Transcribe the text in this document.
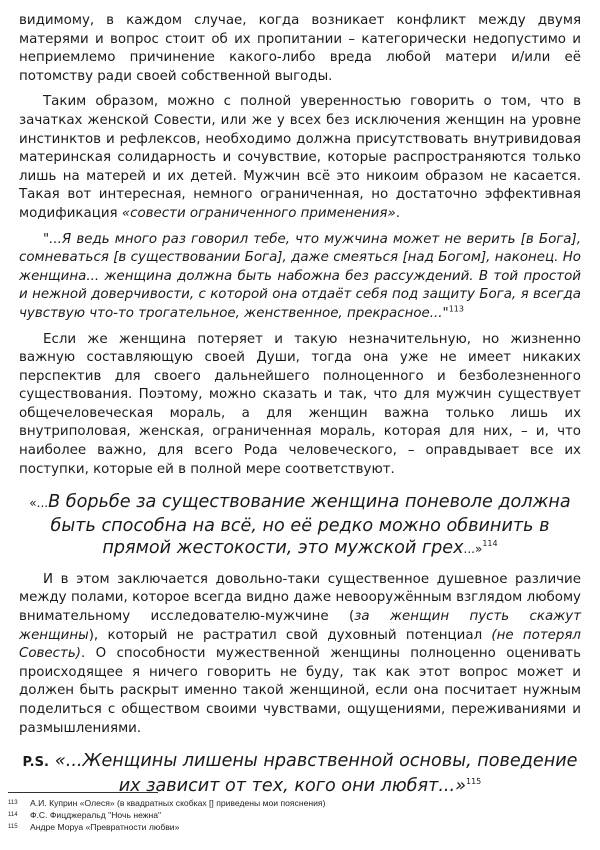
видимому, в каждом случае, когда возникает конфликт между двумя матерями и вопрос стоит об их пропитании – категорически недопустимо и неприемлемо причинение какого-либо вреда любой матери и/или её потомству ради своей собственной выгоды.

Таким образом, можно с полной уверенностью говорить о том, что в зачатках женской Совести, или же у всех без исключения женщин на уровне инстинктов и рефлексов, необходимо должна присутствовать внутривидовая материнская солидарность и сочувствие, которые распространяются только лишь на матерей и их детей. Мужчин всё это никоим образом не касается. Такая вот интересная, немного ограниченная, но достаточно эффективная модификация «совести ограниченного применения».

"...Я ведь много раз говорил тебе, что мужчина может не верить [в Бога], сомневаться [в существовании Бога], даже смеяться [над Богом], наконец. Но женщина... женщина должна быть набожна без рассуждений. В той простой и нежной доверчивости, с которой она отдаёт себя под защиту Бога, я всегда чувствую что-то трогательное, женственное, прекрасное..."$^{113}$

Если же женщина потеряет и такую незначительную, но жизненно важную составляющую своей Души, тогда она уже не имеет никаких перспектив для своего дальнейшего полноценного и безболезненного существования. Поэтому, можно сказать и так, что для мужчин существует общечеловеческая мораль, а для женщин важна только лишь их внутриполовая, женская, ограниченная мораль, которая для них, – и, что наиболее важно, для всего Рода человеческого, – оправдывает все их поступки, которые ей в полной мере соответствуют.

«...В борьбе за существование женщина поневоле должна быть способна на всё, но её редко можно обвинить в прямой жестокости, это мужской грех...»$^{114}$

И в этом заключается довольно-таки существенное душевное различие между полами, которое всегда видно даже невооружённым взглядом любому внимательному исследователю-мужчине (за женщин пусть скажут женщины), который не растратил свой духовный потенциал (не потерял Совесть). О способности мужественной женщины полноценно оценивать происходящее я ничего говорить не буду, так как этот вопрос может и должен быть раскрыт именно такой женщиной, если она посчитает нужным поделиться с обществом своими чувствами, ощущениями, переживаниями и размышлениями.

P.S. «...Женщины лишены нравственной основы, поведение их зависит от тех, кого они любят...»$^{115}$
113 А.И. Куприн «Олеся» (в квадратных скобках [] приведены мои пояснения)
114 Ф.С. Фицджеральд "Ночь нежна"
115 Андре Моруа «Превратности любви»
